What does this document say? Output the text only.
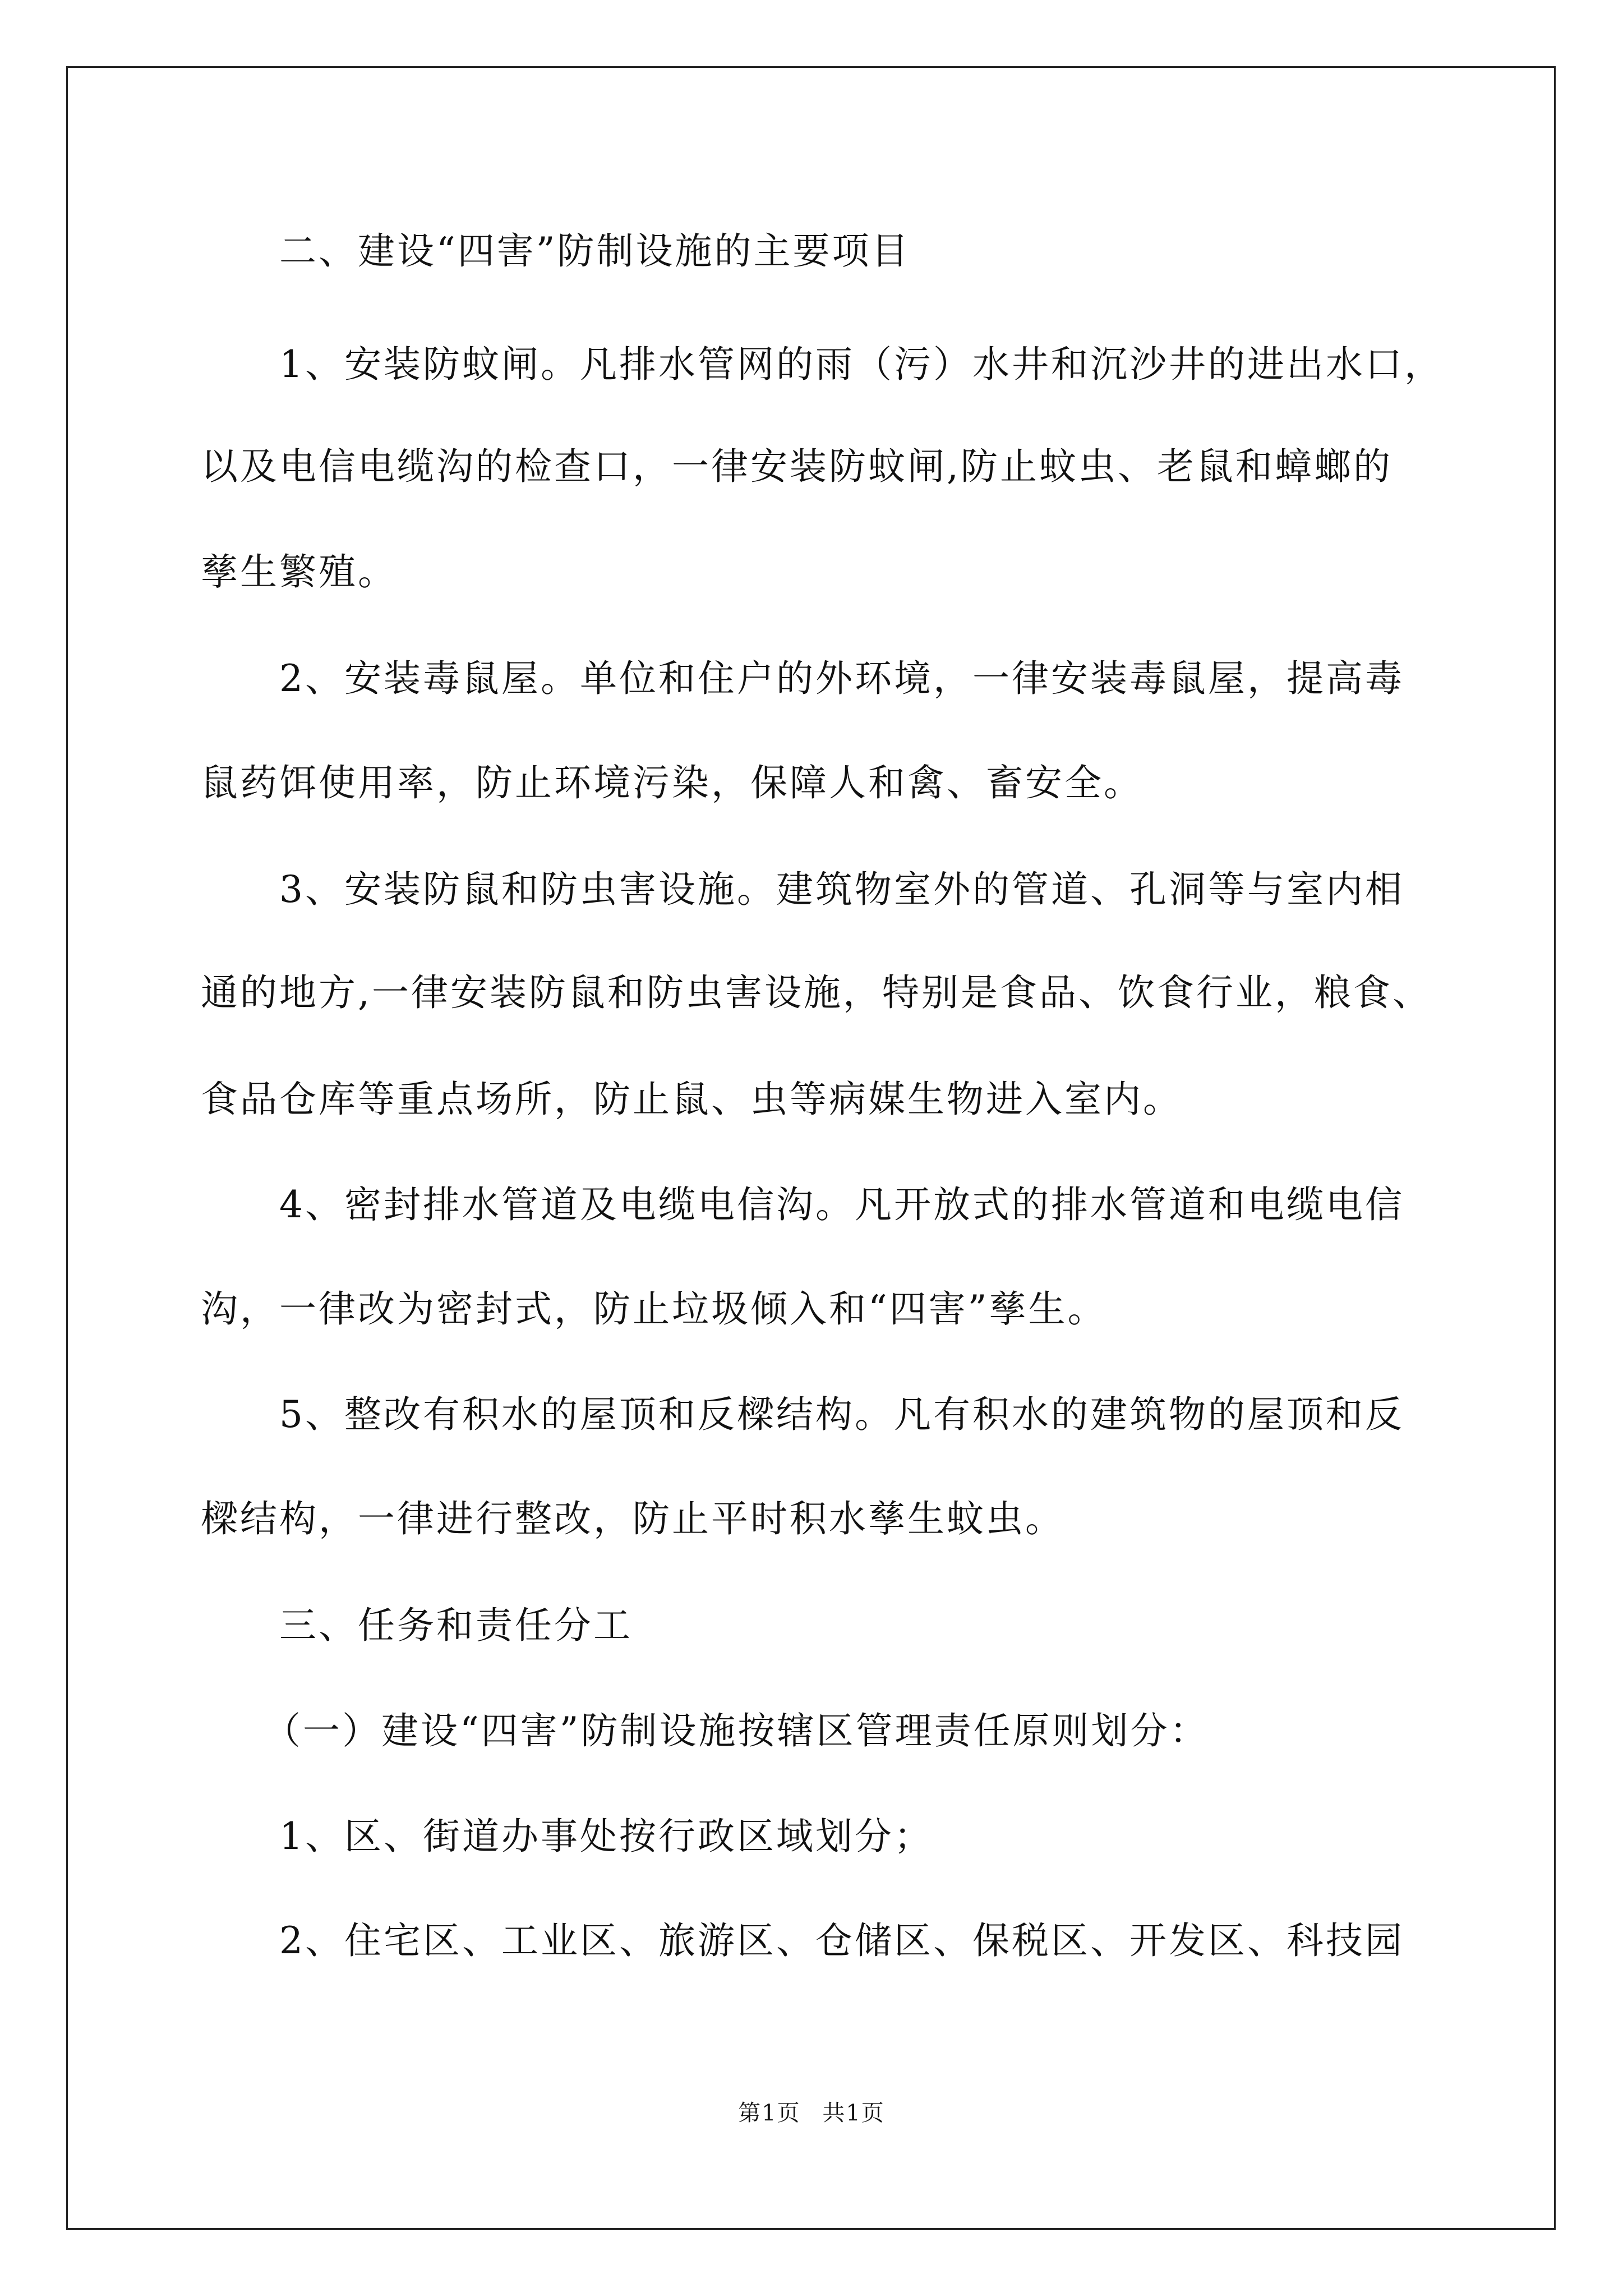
二、建设“四害”防制设施的主要项目
1、安装防蚊闸。凡排水管网的雨（污）水井和沉沙井的进出水口，
以及电信电缆沟的检查口，一律安装防蚊闸,防止蚊虫、老鼠和蟑螂的
孳生繁殖。
2、安装毒鼠屋。单位和住户的外环境，一律安装毒鼠屋，提高毒
鼠药饵使用率，防止环境污染，保障人和禽、畜安全。
3、安装防鼠和防虫害设施。建筑物室外的管道、孔洞等与室内相
通的地方,一律安装防鼠和防虫害设施，特别是食品、饮食行业，粮食、
食品仓库等重点场所，防止鼠、虫等病媒生物进入室内。
4、密封排水管道及电缆电信沟。凡开放式的排水管道和电缆电信
沟，一律改为密封式，防止垃圾倾入和“四害”孳生。
5、整改有积水的屋顶和反樑结构。凡有积水的建筑物的屋顶和反
樑结构，一律进行整改，防止平时积水孳生蚊虫。
三、任务和责任分工
（一）建设“四害”防制设施按辖区管理责任原则划分：
1、区、街道办事处按行政区域划分；
2、住宅区、工业区、旅游区、仓储区、保税区、开发区、科技园
第1页 共1页
